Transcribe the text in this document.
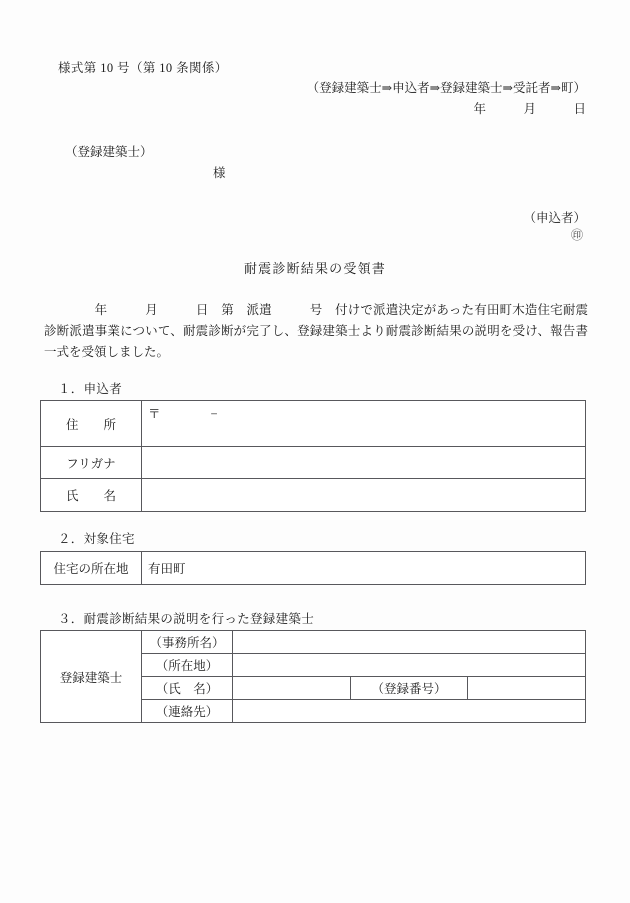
様式第 10 号（第 10 条関係）
（登録建築士⇒申込者⇒登録建築士⇒受託者⇒町）
年　　　月　　　日
（登録建築士）
様
（申込者）
㊞
耐震診断結果の受領書
　　　　年　　　月　　　日　第　派遣　　　号　付けで派遣決定があった有田町木造住宅耐震診断派遣事業について、耐震診断が完了し、登録建築士より耐震診断結果の説明を受け、報告書一式を受領しました。
１．申込者
住　　所	〒　　　　−
フリガナ	
氏　　名	
２．対象住宅
住宅の所在地	有田町
３．耐震診断結果の説明を行った登録建築士
登録建築士	（事務所名）			
	（所在地）			
	（氏　名）		（登録番号）	
	（連絡先）			
